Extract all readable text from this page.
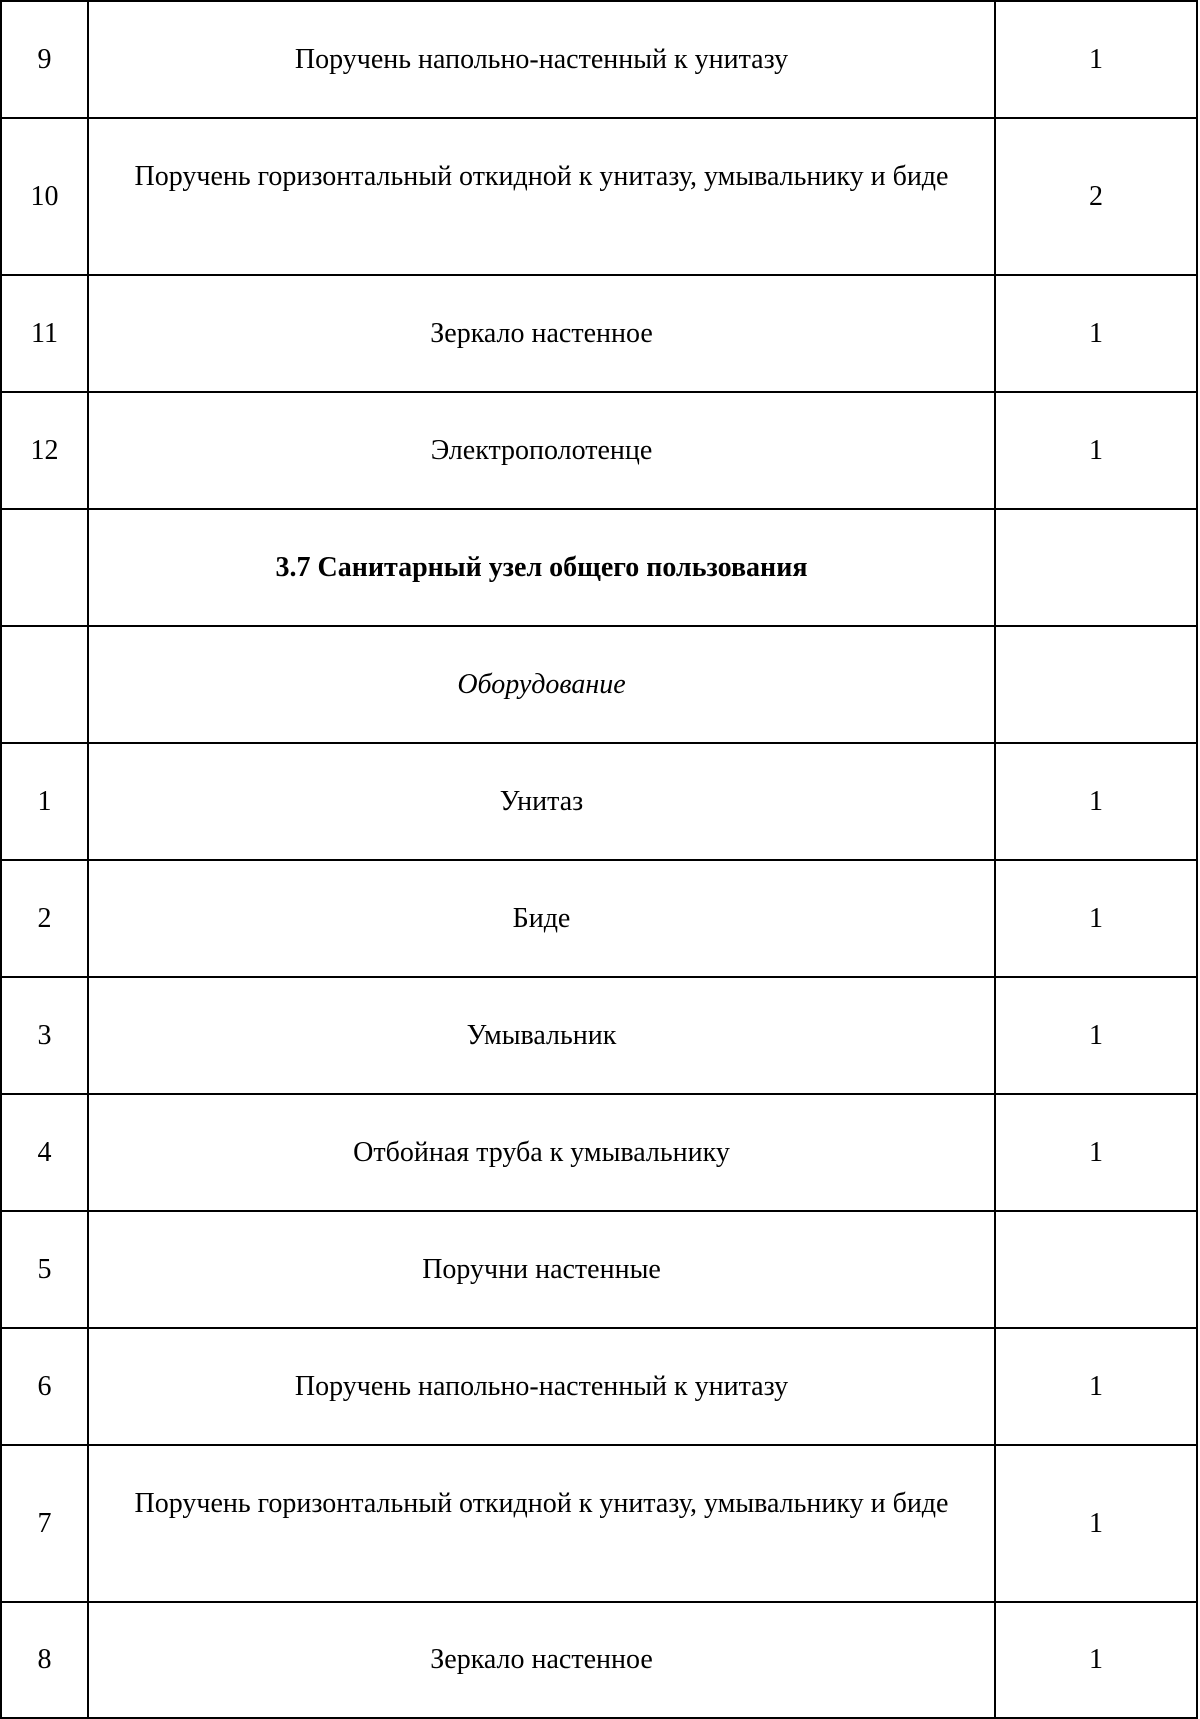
9	Поручень напольно-настенный к унитазу	1
10	Поручень горизонтальный откидной к унитазу, умывальнику и биде	2
11	Зеркало настенное	1
12	Электрополотенце	1
	3.7 Санитарный узел общего пользования	
	Оборудование	
1	Унитаз	1
2	Биде	1
3	Умывальник	1
4	Отбойная труба к умывальнику	1
5	Поручни настенные	
6	Поручень напольно-настенный к унитазу	1
7	Поручень горизонтальный откидной к унитазу, умывальнику и биде	1
8	Зеркало настенное	1
